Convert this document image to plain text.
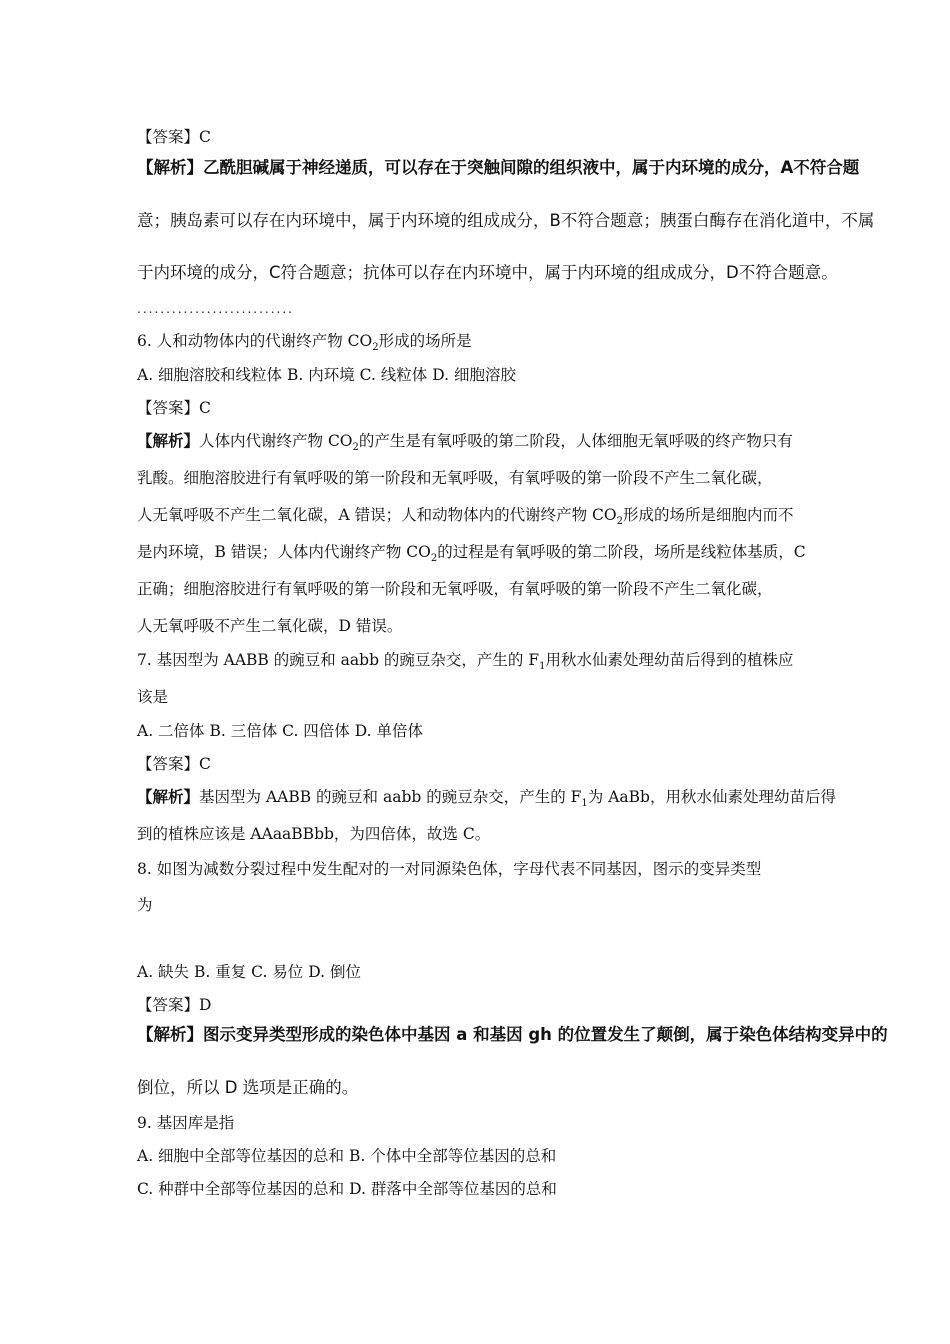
【答案】C
【解析】乙酰胆碱属于神经递质，可以存在于突触间隙的组织液中，属于内环境的成分，A不符合题
意；胰岛素可以存在内环境中，属于内环境的组成成分，B不符合题意；胰蛋白酶存在消化道中，不属
于内环境的成分，C符合题意；抗体可以存在内环境中，属于内环境的组成成分，D不符合题意。
...........................
6. 人和动物体内的代谢终产物 $CO_2$形成的场所是
A. 细胞溶胶和线粒体 B. 内环境 C. 线粒体 D. 细胞溶胶
【答案】C
【解析】人体内代谢终产物 $CO_2$的产生是有氧呼吸的第二阶段，人体细胞无氧呼吸的终产物只有
乳酸。细胞溶胶进行有氧呼吸的第一阶段和无氧呼吸，有氧呼吸的第一阶段不产生二氧化碳，
人无氧呼吸不产生二氧化碳，A 错误；人和动物体内的代谢终产物 $CO_2$形成的场所是细胞内而不
是内环境，B 错误；人体内代谢终产物 $CO_2$的过程是有氧呼吸的第二阶段，场所是线粒体基质，C
正确；细胞溶胶进行有氧呼吸的第一阶段和无氧呼吸，有氧呼吸的第一阶段不产生二氧化碳，
人无氧呼吸不产生二氧化碳，D 错误。
7. 基因型为 AABB 的豌豆和 aabb 的豌豆杂交，产生的 $F_1$用秋水仙素处理幼苗后得到的植株应
该是
A. 二倍体 B. 三倍体 C. 四倍体 D. 单倍体
【答案】C
【解析】基因型为 AABB 的豌豆和 aabb 的豌豆杂交，产生的 $F_1$为 AaBb，用秋水仙素处理幼苗后得
到的植株应该是 AAaaBBbb，为四倍体，故选 C。
8. 如图为减数分裂过程中发生配对的一对同源染色体，字母代表不同基因，图示的变异类型
为
A. 缺失 B. 重复 C. 易位 D. 倒位
【答案】D
【解析】图示变异类型形成的染色体中基因 a 和基因 gh 的位置发生了颠倒，属于染色体结构变异中的
倒位，所以 D 选项是正确的。
9. 基因库是指
A. 细胞中全部等位基因的总和 B. 个体中全部等位基因的总和
C. 种群中全部等位基因的总和 D. 群落中全部等位基因的总和
